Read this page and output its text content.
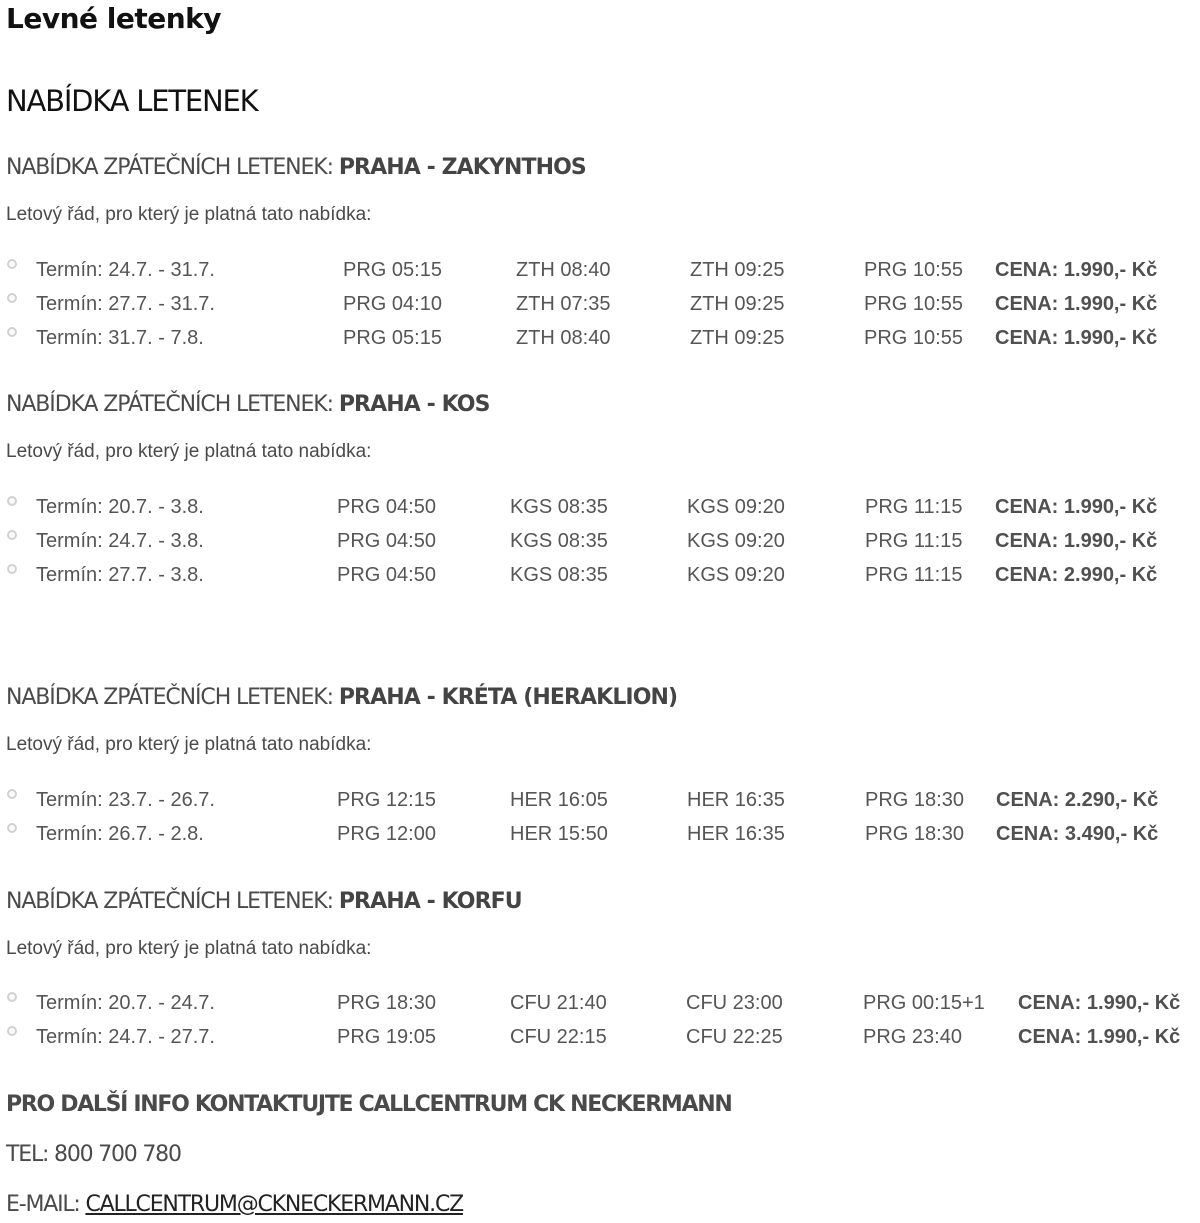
Levné letenky
NABÍDKA LETENEK
NABÍDKA ZPÁTEČNÍCH LETENEK: PRAHA - ZAKYNTHOS
Letový řád, pro který je platná tato nabídka:
Termín: 24.7. - 31.7.	PRG 05:15	ZTH 08:40	ZTH 09:25	PRG 10:55 CENA: 1.990,- Kč
Termín: 27.7. - 31.7.	PRG 04:10	ZTH 07:35	ZTH 09:25	PRG 10:55 CENA: 1.990,- Kč
Termín: 31.7. - 7.8.	PRG 05:15	ZTH 08:40	ZTH 09:25	PRG 10:55 CENA: 1.990,- Kč
NABÍDKA ZPÁTEČNÍCH LETENEK: PRAHA - KOS
Letový řád, pro který je platná tato nabídka:
Termín: 20.7. - 3.8.	PRG 04:50	KGS 08:35	KGS 09:20	PRG 11:15 CENA: 1.990,- Kč
Termín: 24.7. - 3.8.	PRG 04:50	KGS 08:35	KGS 09:20	PRG 11:15 CENA: 1.990,- Kč
Termín: 27.7. - 3.8.	PRG 04:50	KGS 08:35	KGS 09:20	PRG 11:15 CENA: 2.990,- Kč
NABÍDKA ZPÁTEČNÍCH LETENEK: PRAHA - KRÉTA (HERAKLION)
Letový řád, pro který je platná tato nabídka:
Termín: 23.7. - 26.7.	PRG 12:15	HER 16:05	HER 16:35	PRG 18:30 CENA: 2.290,- Kč
Termín: 26.7. - 2.8.	PRG 12:00	HER 15:50	HER 16:35	PRG 18:30 CENA: 3.490,- Kč
NABÍDKA ZPÁTEČNÍCH LETENEK: PRAHA - KORFU
Letový řád, pro který je platná tato nabídka:
Termín: 20.7. - 24.7.	PRG 18:30	CFU 21:40	CFU 23:00	PRG 00:15+1 CENA: 1.990,- Kč
Termín: 24.7. - 27.7.	PRG 19:05	CFU 22:15	CFU 22:25	PRG 23:40	CENA: 1.990,- Kč
PRO DALŠÍ INFO KONTAKTUJTE CALLCENTRUM CK NECKERMANN
TEL: 800 700 780
E-MAIL: CALLCENTRUM@CKNECKERMANN.CZ
